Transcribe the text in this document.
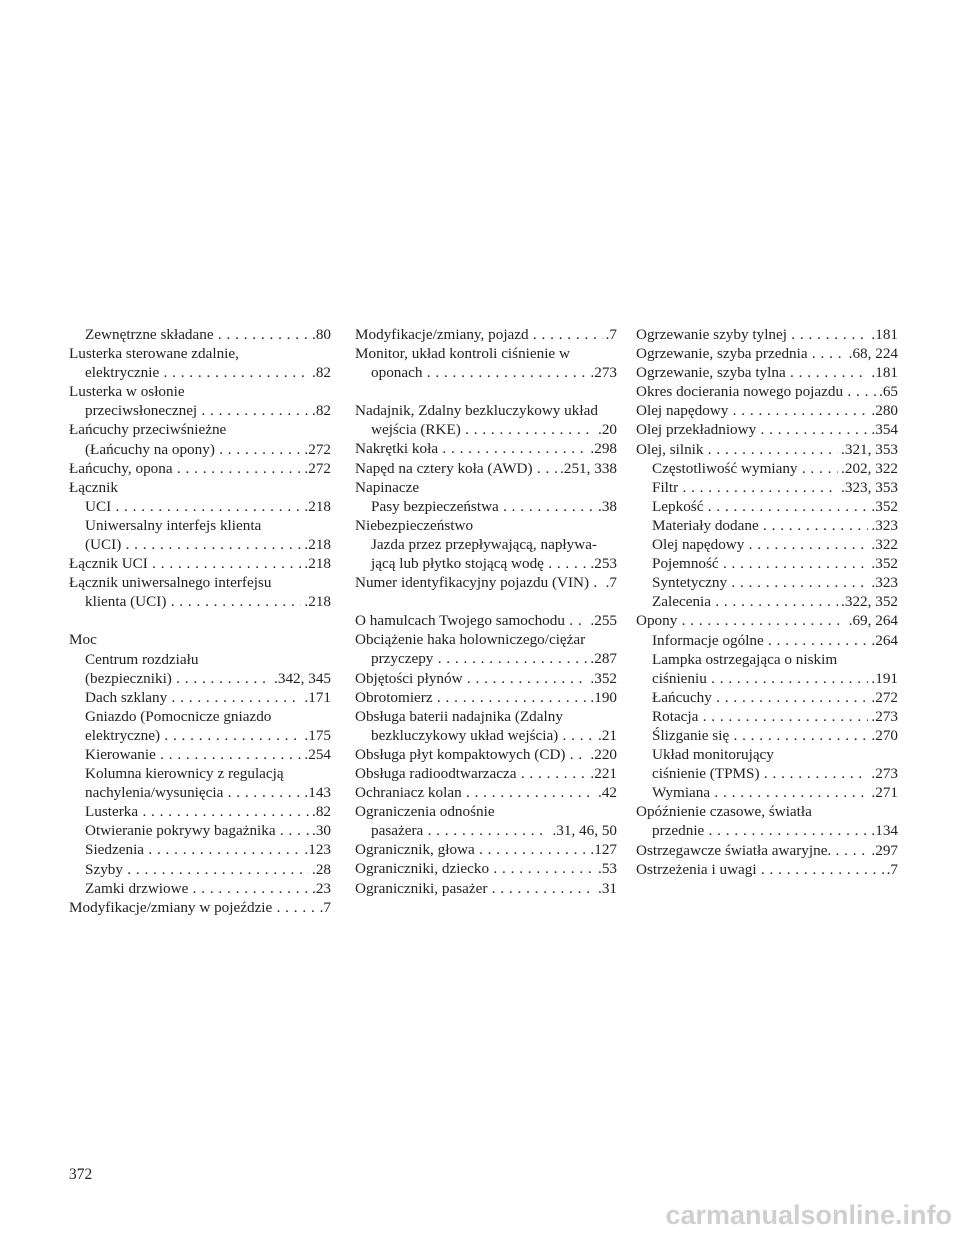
Zewnętrzne składane . . .	.80
Lusterka sterowane zdalnie,
elektrycznie . . .	.82
Lusterka w osłonie
przeciwsłonecznej . . .	.82
Łańcuchy przeciwśnieżne
(Łańcuchy na opony) . . .	.272
Łańcuchy, opona . . .	.272
Łącznik
UCI . . .	.218
Uniwersalny interfejs klienta
(UCI) . . .	.218
Łącznik UCI . . .	.218
Łącznik uniwersalnego interfejsu
klienta (UCI) . . .	.218
Moc
Centrum rozdziału
(bezpieczniki) . . .	.342, 345
Dach szklany . . .	.171
Gniazdo (Pomocnicze gniazdo
elektryczne) . . .	.175
Kierowanie . . .	.254
Kolumna kierownicy z regulacją
nachylenia/wysunięcia . . .	.143
Lusterka . . .	.82
Otwieranie pokrywy bagażnika . . . .30
Siedzenia . . .	.123
Szyby . . .	.28
Zamki drzwiowe . . .	.23
Modyfikacje/zmiany w pojeździe . . .	.7
Modyfikacje/zmiany, pojazd . . .	.7
Monitor, układ kontroli ciśnienie w
oponach . . .	.273
Nadajnik, Zdalny bezkluczykowy układ
wejścia (RKE) . . .	.20
Nakrętki koła . . .	.298
Napęd na cztery koła (AWD) . . . .251, 338
Napinacze
Pasy bezpieczeństwa . . .	.38
Niebezpieczeństwo
Jazda przez przepływającą, napływa-
jącą lub płytko stojącą wodę . . .	.253
Numer identyfikacyjny pojazdu (VIN) . . . .7
O hamulcach Twojego samochodu . . . .255
Obciążenie haka holowniczego/ciężar
przyczepy . . .	.287
Objętości płynów . . .	.352
Obrotomierz . . .	.190
Obsługa baterii nadajnika (Zdalny
bezkluczykowy układ wejścia) . . .	.21
Obsługa płyt kompaktowych (CD) . . . .220
Obsługa radioodtwarzacza . . .	.221
Ochraniacz kolan . . .	.42
Ograniczenia odnośnie
pasażera . . .	.31, 46, 50
Ogranicznik, głowa . . .	.127
Ograniczniki, dziecko . . .	.53
Ograniczniki, pasażer . . .	.31
Ogrzewanie szyby tylnej . . .	.181
Ogrzewanie, szyba przednia . . .	.68, 224
Ogrzewanie, szyba tylna . . .	.181
Okres docierania nowego pojazdu . . . .65
Olej napędowy . . .	.280
Olej przekładniowy . . .	.354
Olej, silnik . . .	.321, 353
Częstotliwość wymiany . . .	.202, 322
Filtr . . .	.323, 353
Lepkość . . .	.352
Materiały dodane . . .	.323
Olej napędowy . . .	.322
Pojemność . . .	.352
Syntetyczny . . .	.323
Zalecenia . . .	.322, 352
Opony . . .	.69, 264
Informacje ogólne . . .	.264
Lampka ostrzegająca o niskim
ciśnieniu . . .	.191
Łańcuchy . . .	.272
Rotacja . . .	.273
Ślizganie się . . .	.270
Układ monitorujący
ciśnienie (TPMS) . . .	.273
Wymiana . . .	.271
Opóźnienie czasowe, światła
przednie . . .	.134
Ostrzegawcze światła awaryjne. . . .	.297
Ostrzeżenia i uwagi . . .	.7
372
carmanualsonline.info
